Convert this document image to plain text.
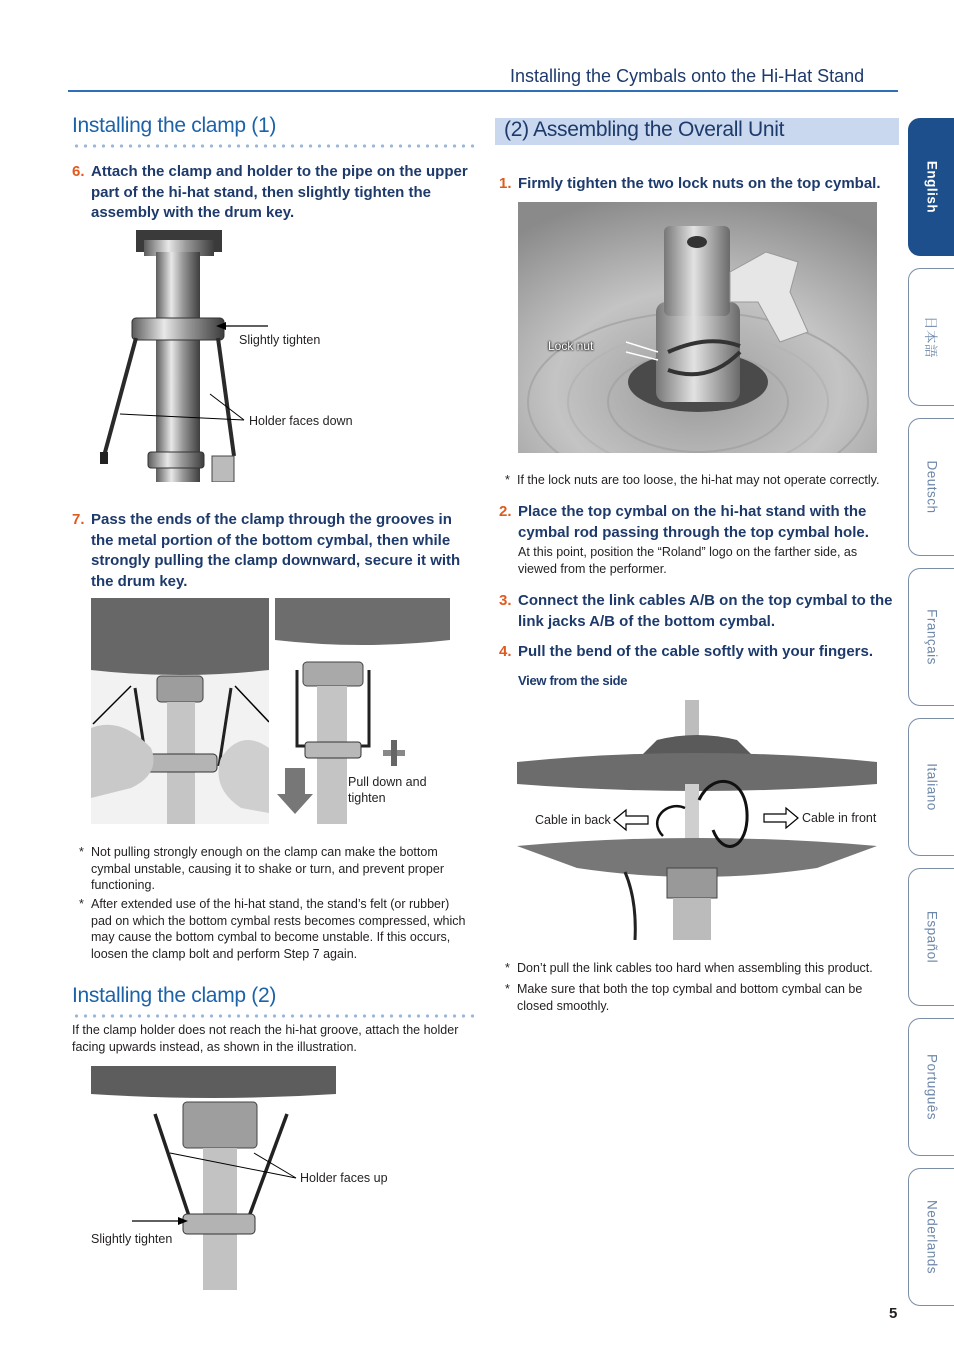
Installing the Cymbals onto the Hi-Hat Stand
Installing the clamp (1)
6. Attach the clamp and holder to the pipe on the upper part of the hi-hat stand, then slightly tighten the assembly with the drum key.
Slightly tighten
Holder faces down
7. Pass the ends of the clamp through the grooves in the metal portion of the bottom cymbal, then while strongly pulling the clamp downward, secure it with the drum key.
Pull down and
tighten
* Not pulling strongly enough on the clamp can make the bottom cymbal unstable, causing it to shake or turn, and prevent proper functioning.
* After extended use of the hi-hat stand, the stand’s felt (or rubber) pad on which the bottom cymbal rests becomes compressed, which may cause the bottom cymbal to become unstable. If this occurs, loosen the clamp bolt and perform Step 7 again.
Installing the clamp (2)
If the clamp holder does not reach the hi-hat groove, attach the holder facing upwards instead, as shown in the illustration.
Holder faces up
Slightly tighten
(2) Assembling the Overall Unit
1. Firmly tighten the two lock nuts on the top cymbal.
Lock nut
* If the lock nuts are too loose, the hi-hat may not operate correctly.
2. Place the top cymbal on the hi-hat stand with the cymbal rod passing through the top cymbal hole.
At this point, position the “Roland” logo on the farther side, as viewed from the performer.
3. Connect the link cables A/B on the top cymbal to the link jacks A/B of the bottom cymbal.
4. Pull the bend of the cable softly with your fingers.
View from the side
Cable in back	Cable in front
* Don’t pull the link cables too hard when assembling this product.
* Make sure that both the top cymbal and bottom cymbal can be closed smoothly.
English
日本語
Deutsch
Français
Italiano
Español
Português
Nederlands
5
